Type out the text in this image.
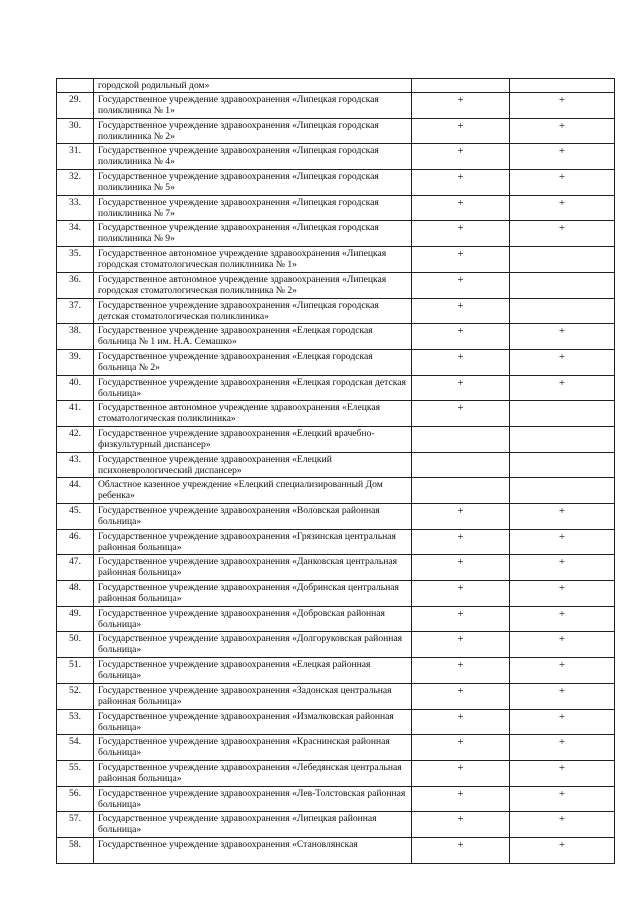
	городской родильный дом»		

29.	Государственное учреждение здравоохранения «Липецкая городская поликлиника № 1»	+	+

30.	Государственное учреждение здравоохранения «Липецкая городская поликлиника № 2»	+	+

31.	Государственное учреждение здравоохранения «Липецкая городская поликлиника № 4»	+	+

32.	Государственное учреждение здравоохранения «Липецкая городская поликлиника № 5»	+	+

33.	Государственное учреждение здравоохранения «Липецкая городская поликлиника № 7»	+	+

34.	Государственное учреждение здравоохранения «Липецкая городская поликлиника № 9»	+	+

35.	Государственное автономное учреждение здравоохранения «Липецкая городская стоматологическая поликлиника № 1»	+	

36.	Государственное автономное учреждение здравоохранения «Липецкая городская стоматологическая поликлиника № 2»	+	

37.	Государственное учреждение здравоохранения «Липецкая городская детская стоматологическая поликлиника»	+	

38.	Государственное учреждение здравоохранения «Елецкая городская больница № 1 им. Н.А. Семашко»	+	+

39.	Государственное учреждение здравоохранения «Елецкая городская больница № 2»	+	+

40.	Государственное учреждение здравоохранения «Елецкая городская детская больница»	+	+

41.	Государственное автономное учреждение здравоохранения «Елецкая стоматологическая поликлиника»	+	

42.	Государственное учреждение здравоохранения «Елецкий врачебно-физкультурный диспансер»		

43.	Государственное учреждение здравоохранения «Елецкий психоневрологический диспансер»		

44.	Областное казенное учреждение «Елецкий специализированный Дом ребенка»		

45.	Государственное учреждение здравоохранения «Воловская районная больница»	+	+

46.	Государственное учреждение здравоохранения «Грязинская центральная районная больница»	+	+

47.	Государственное учреждение здравоохранения «Данковская центральная районная больница»	+	+

48.	Государственное учреждение здравоохранения «Добринская центральная районная больница»	+	+

49.	Государственное учреждение здравоохранения «Добровская районная больница»	+	+

50.	Государственное учреждение здравоохранения «Долгоруковская районная больница»	+	+

51.	Государственное учреждение здравоохранения «Елецкая районная больница»	+	+

52.	Государственное учреждение здравоохранения «Задонская центральная районная больница»	+	+

53.	Государственное учреждение здравоохранения «Измалковская районная больница»	+	+

54.	Государственное учреждение здравоохранения «Краснинская районная больница»	+	+

55.	Государственное учреждение здравоохранения «Лебедянская центральная районная больница»	+	+

56.	Государственное учреждение здравоохранения «Лев-Толстовская районная больница»	+	+

57.	Государственное учреждение здравоохранения «Липецкая районная больница»	+	+

58.	Государственное учреждение здравоохранения «Становлянская	+	+
